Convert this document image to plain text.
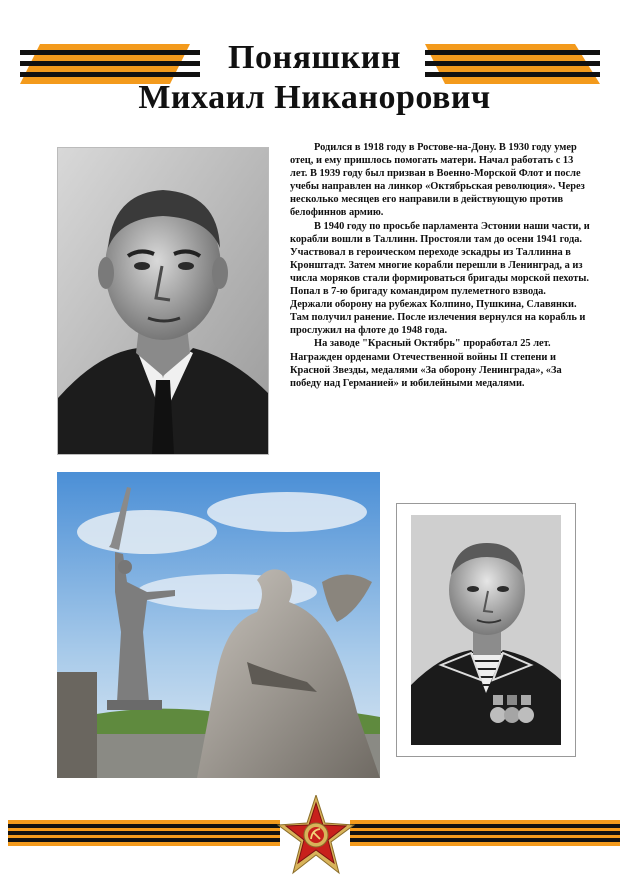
Поняшкин
Михаил Никанорович

Родился в 1918 году в Ростове-на-Дону. В 1930 году умер отец, и ему пришлось помогать матери. Начал работать с 13 лет. В 1939 году был призван в Военно-Морской Флот и после учебы направлен на линкор «Октябрьская революция». Через несколько месяцев его направили в действующую против белофиннов армию.

В 1940 году по просьбе парламента Эстонии наши части, и корабли вошли в Таллинн. Простояли там до осени 1941 года. Участвовал в героическом переходе эскадры из Таллинна в Кронштадт. Затем многие корабли перешли в Ленинград, а из числа моряков стали формироваться бригады морской пехоты. Попал в 7-ю бригаду командиром пулеметного взвода. Держали оборону на рубежах Колпино, Пушкина, Славянки. Там получил ранение. После излечения вернулся на корабль и прослужил на флоте до 1948 года.

На заводе "Красный Октябрь" проработал 25 лет. Награжден орденами Отечественной войны II степени и Красной Звезды, медалями «За оборону Ленинграда», «За победу над Германией» и юбилейными медалями.
